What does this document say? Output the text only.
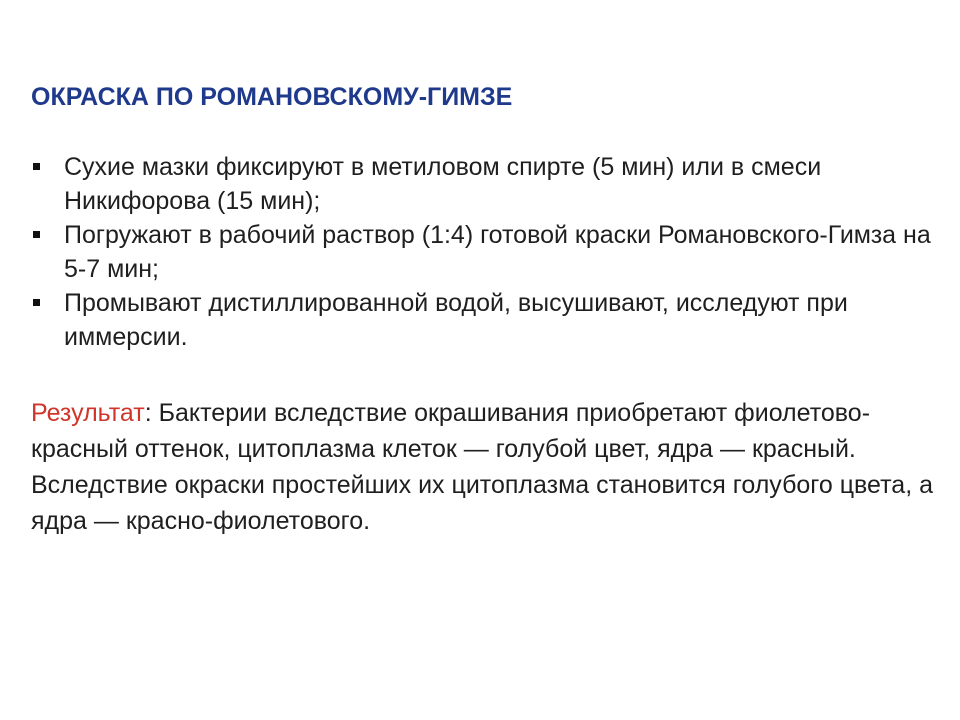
ОКРАСКА ПО РОМАНОВСКОМУ-ГИМЗЕ
Сухие мазки фиксируют в метиловом спирте (5 мин) или в смеси Никифорова (15 мин);
Погружают в рабочий раствор (1:4) готовой краски Романовского-Гимза на 5-7 мин;
Промывают дистиллированной водой, высушивают, исследуют при иммерсии.

Результат: Бактерии вследствие окрашивания приобретают фиолетово-красный оттенок, цитоплазма клеток — голубой цвет, ядра — красный. Вследствие окраски простейших их цитоплазма становится голубого цвета, а ядра — красно-фиолетового.
